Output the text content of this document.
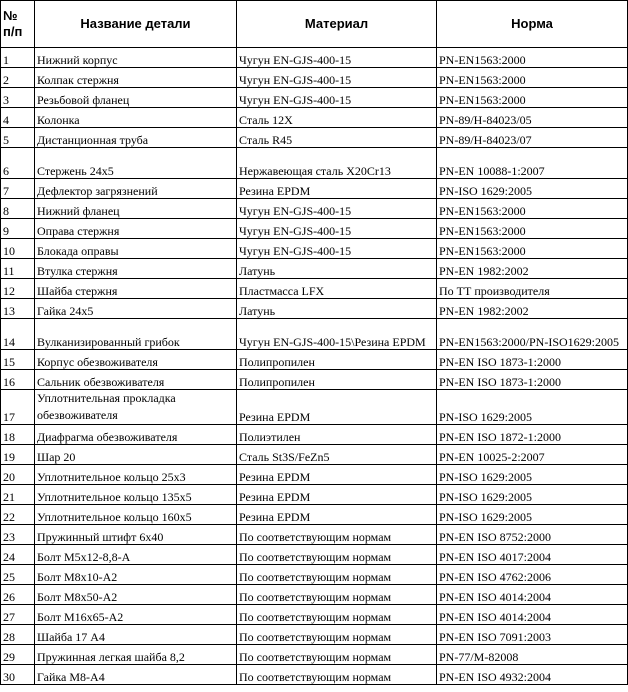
№ п/п	Название детали	Материал	Норма
1	Нижний корпус	Чугун EN-GJS-400-15	PN-EN1563:2000
2	Колпак стержня	Чугун EN-GJS-400-15	PN-EN1563:2000
3	Резьбовой фланец	Чугун EN-GJS-400-15	PN-EN1563:2000
4	Колонка	Сталь 12X	PN-89/H-84023/05
5	Дистанционная труба	Сталь R45	PN-89/H-84023/07
6	Стержень 24x5	Нержавеющая сталь X20Cr13	PN-EN 10088-1:2007
7	Дефлектор загрязнений	Резина EPDM	PN-ISO 1629:2005
8	Нижний фланец	Чугун EN-GJS-400-15	PN-EN1563:2000
9	Оправа стержня	Чугун EN-GJS-400-15	PN-EN1563:2000
10	Блокада оправы	Чугун EN-GJS-400-15	PN-EN1563:2000
11	Втулка стержня	Латунь	PN-EN 1982:2002
12	Шайба стержня	Пластмасса LFX	По ТТ производителя
13	Гайка 24x5	Латунь	PN-EN 1982:2002
14	Вулканизированный грибок	Чугун EN-GJS-400-15\Резина EPDM	PN-EN1563:2000/PN-ISO1629:2005
15	Корпус обезвоживателя	Полипропилен	PN-EN ISO 1873-1:2000
16	Сальник обезвоживателя	Полипропилен	PN-EN ISO 1873-1:2000
17	Уплотнительная прокладка обезвоживателя	Резина EPDM	PN-ISO 1629:2005
18	Диафрагма обезвоживателя	Полиэтилен	PN-EN ISO 1872-1:2000
19	Шар 20	Сталь St3S/FeZn5	PN-EN 10025-2:2007
20	Уплотнительное кольцо 25x3	Резина EPDM	PN-ISO 1629:2005
21	Уплотнительное кольцо 135x5	Резина EPDM	PN-ISO 1629:2005
22	Уплотнительное кольцо 160x5	Резина EPDM	PN-ISO 1629:2005
23	Пружинный штифт 6x40	По соответствующим нормам	PN-EN ISO 8752:2000
24	Болт M5x12-8,8-A	По соответствующим нормам	PN-EN ISO 4017:2004
25	Болт M8x10-A2	По соответствующим нормам	PN-EN ISO 4762:2006
26	Болт M8x50-A2	По соответствующим нормам	PN-EN ISO 4014:2004
27	Болт M16x65-A2	По соответствующим нормам	PN-EN ISO 4014:2004
28	Шайба 17 A4	По соответствующим нормам	PN-EN ISO 7091:2003
29	Пружинная легкая шайба 8,2	По соответствующим нормам	PN-77/M-82008
30	Гайка M8-A4	По соответствующим нормам	PN-EN ISO 4932:2004
